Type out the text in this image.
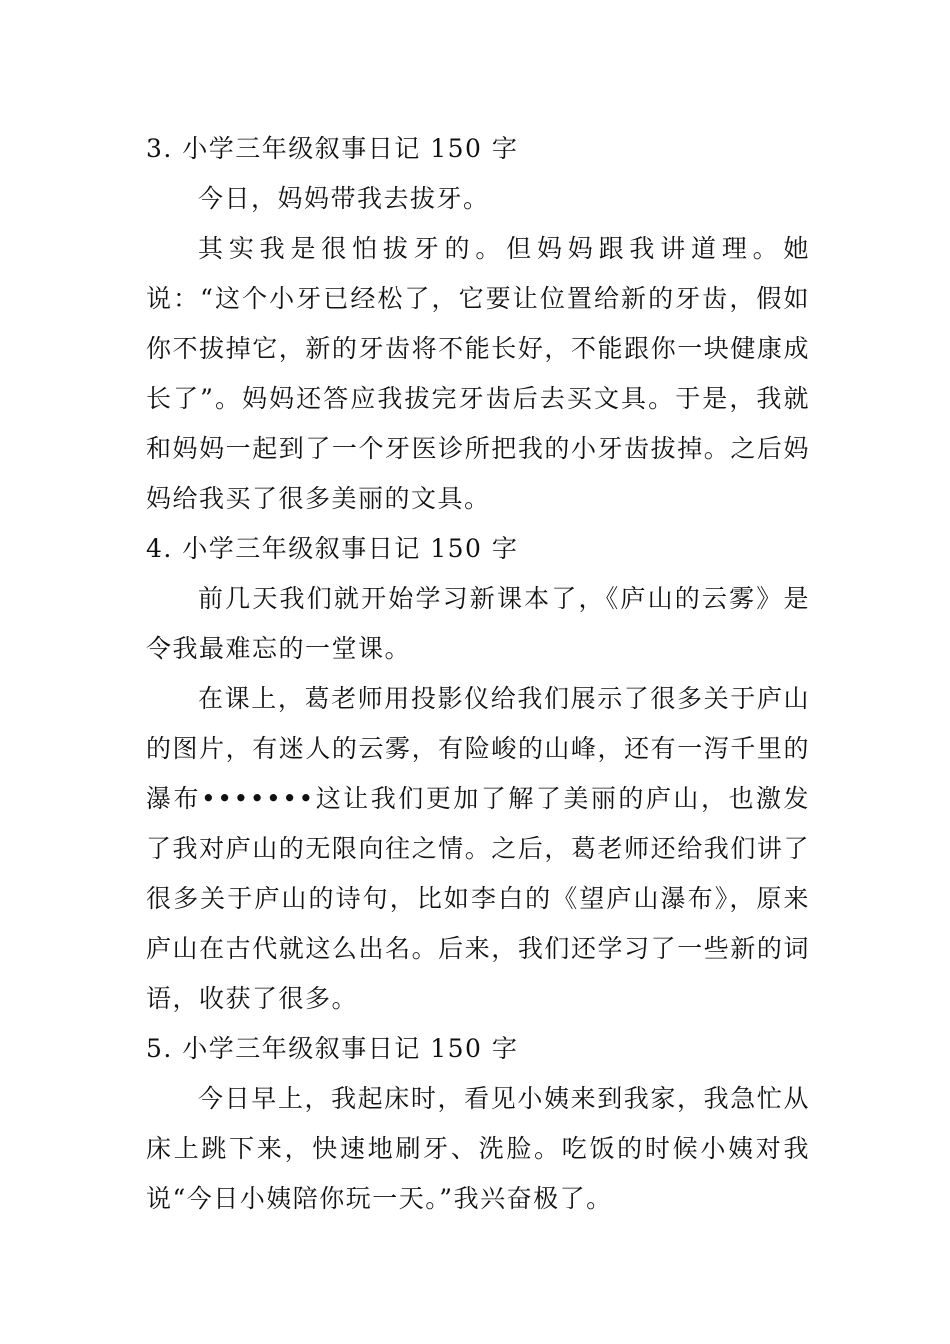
3. 小学三年级叙事日记 150 字

今日，妈妈带我去拔牙。

其实我是很怕拔牙的。但妈妈跟我讲道理。她说：“这个小牙已经松了，它要让位置给新的牙齿，假如你不拔掉它，新的牙齿将不能长好，不能跟你一块健康成长了”。妈妈还答应我拔完牙齿后去买文具。于是，我就和妈妈一起到了一个牙医诊所把我的小牙齿拔掉。之后妈妈给我买了很多美丽的文具。

4. 小学三年级叙事日记 150 字

前几天我们就开始学习新课本了，《庐山的云雾》是令我最难忘的一堂课。

在课上，葛老师用投影仪给我们展示了很多关于庐山的图片，有迷人的云雾，有险峻的山峰，还有一泻千里的瀑布•••••••这让我们更加了解了美丽的庐山，也激发了我对庐山的无限向往之情。之后，葛老师还给我们讲了很多关于庐山的诗句，比如李白的《望庐山瀑布》，原来庐山在古代就这么出名。后来，我们还学习了一些新的词语，收获了很多。

5. 小学三年级叙事日记 150 字

今日早上，我起床时，看见小姨来到我家，我急忙从床上跳下来，快速地刷牙、洗脸。吃饭的时候小姨对我说“今日小姨陪你玩一天。”我兴奋极了。
